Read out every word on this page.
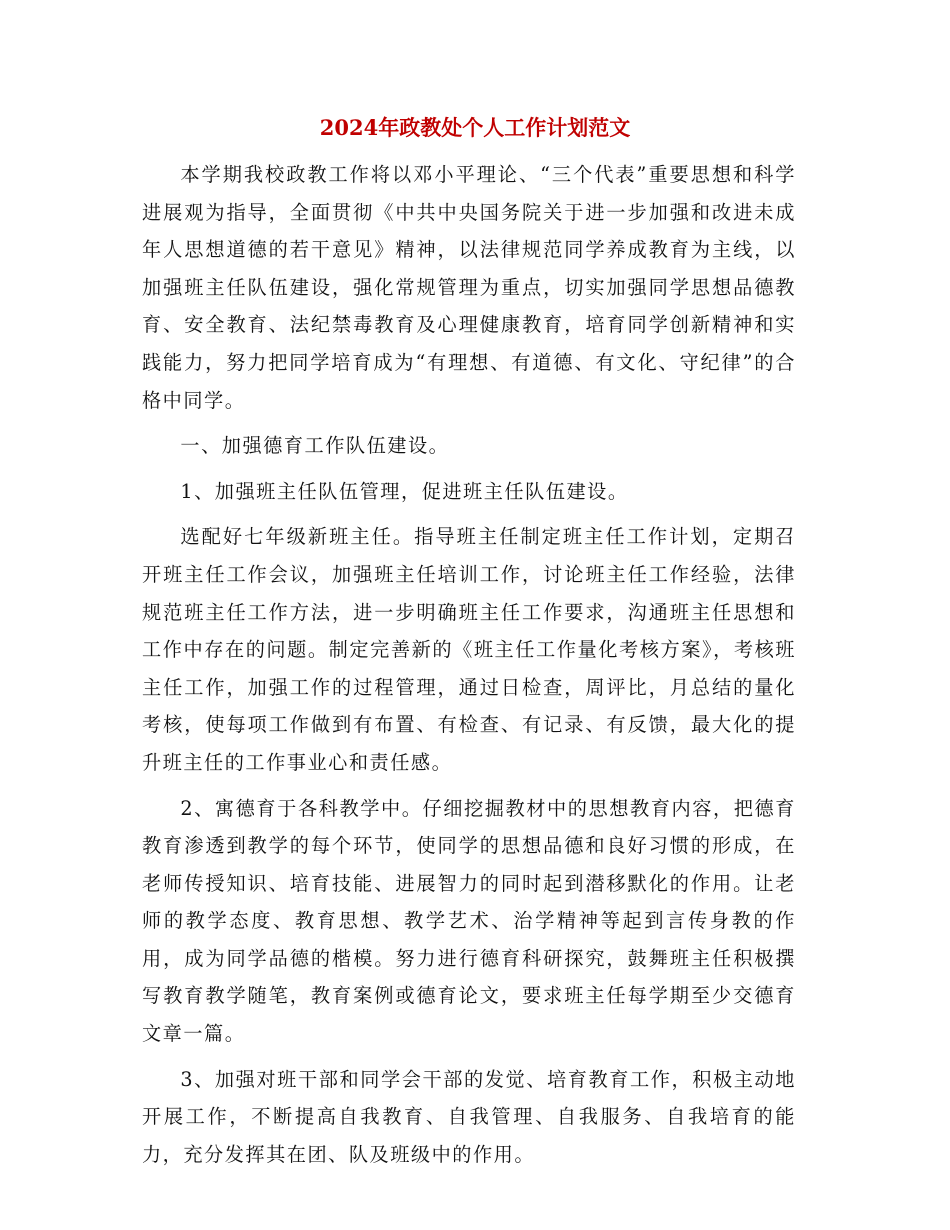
2024年政教处个人工作计划范文

本学期我校政教工作将以邓小平理论、“三个代表”重要思想和科学进展观为指导，全面贯彻《中共中央国务院关于进一步加强和改进未成年人思想道德的若干意见》精神，以法律规范同学养成教育为主线，以加强班主任队伍建设，强化常规管理为重点，切实加强同学思想品德教育、安全教育、法纪禁毒教育及心理健康教育，培育同学创新精神和实践能力，努力把同学培育成为“有理想、有道德、有文化、守纪律”的合格中同学。

一、加强德育工作队伍建设。

1、加强班主任队伍管理，促进班主任队伍建设。

选配好七年级新班主任。指导班主任制定班主任工作计划，定期召开班主任工作会议，加强班主任培训工作，讨论班主任工作经验，法律规范班主任工作方法，进一步明确班主任工作要求，沟通班主任思想和工作中存在的问题。制定完善新的《班主任工作量化考核方案》，考核班主任工作，加强工作的过程管理，通过日检查，周评比，月总结的量化考核，使每项工作做到有布置、有检查、有记录、有反馈，最大化的提升班主任的工作事业心和责任感。

2、寓德育于各科教学中。仔细挖掘教材中的思想教育内容，把德育教育渗透到教学的每个环节，使同学的思想品德和良好习惯的形成，在老师传授知识、培育技能、进展智力的同时起到潜移默化的作用。让老师的教学态度、教育思想、教学艺术、治学精神等起到言传身教的作用，成为同学品德的楷模。努力进行德育科研探究，鼓舞班主任积极撰写教育教学随笔，教育案例或德育论文，要求班主任每学期至少交德育文章一篇。

3、加强对班干部和同学会干部的发觉、培育教育工作，积极主动地开展工作，不断提高自我教育、自我管理、自我服务、自我培育的能力，充分发挥其在团、队及班级中的作用。
